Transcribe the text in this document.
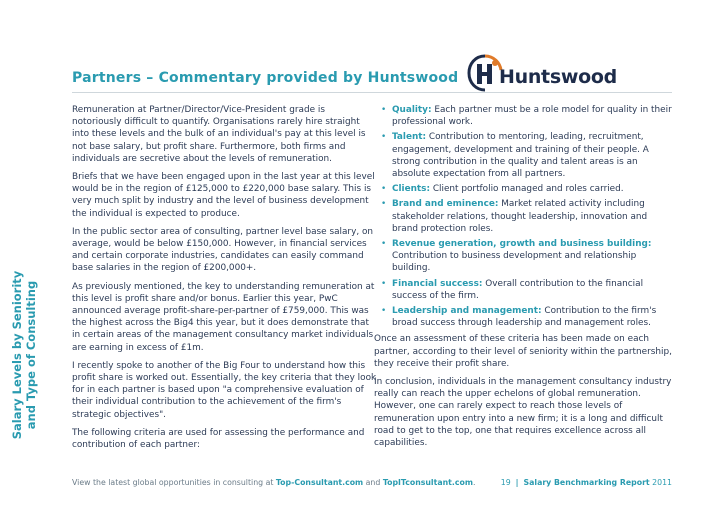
Salary Levels by Seniority and Type of Consulting
Partners – Commentary provided by Huntswood Huntswood

Remuneration at Partner/Director/Vice-President grade is notoriously difficult to quantify. Organisations rarely hire straight into these levels and the bulk of an individual's pay at this level is not base salary, but profit share. Furthermore, both firms and individuals are secretive about the levels of remuneration.

Briefs that we have been engaged upon in the last year at this level would be in the region of £125,000 to £220,000 base salary. This is very much split by industry and the level of business development the individual is expected to produce.

In the public sector area of consulting, partner level base salary, on average, would be below £150,000. However, in financial services and certain corporate industries, candidates can easily command base salaries in the region of £200,000+.

As previously mentioned, the key to understanding remuneration at this level is profit share and/or bonus. Earlier this year, PwC announced average profit-share-per-partner of £759,000. This was the highest across the Big4 this year, but it does demonstrate that in certain areas of the management consultancy market individuals are earning in excess of £1m.

I recently spoke to another of the Big Four to understand how this profit share is worked out. Essentially, the key criteria that they look for in each partner is based upon "a comprehensive evaluation of their individual contribution to the achievement of the firm's strategic objectives".

The following criteria are used for assessing the performance and contribution of each partner:

• Quality: Each partner must be a role model for quality in their professional work.
• Talent: Contribution to mentoring, leading, recruitment, engagement, development and training of their people. A strong contribution in the quality and talent areas is an absolute expectation from all partners.
• Clients: Client portfolio managed and roles carried.
• Brand and eminence: Market related activity including stakeholder relations, thought leadership, innovation and brand protection roles.
• Revenue generation, growth and business building: Contribution to business development and relationship building.
• Financial success: Overall contribution to the financial success of the firm.
• Leadership and management: Contribution to the firm's broad success through leadership and management roles.

Once an assessment of these criteria has been made on each partner, according to their level of seniority within the partnership, they receive their profit share.

In conclusion, individuals in the management consultancy industry really can reach the upper echelons of global remuneration. However, one can rarely expect to reach those levels of remuneration upon entry into a new firm; it is a long and difficult road to get to the top, one that requires excellence across all capabilities.

View the latest global opportunities in consulting at Top-Consultant.com and TopITconsultant.com.	19 | Salary Benchmarking Report 2011
